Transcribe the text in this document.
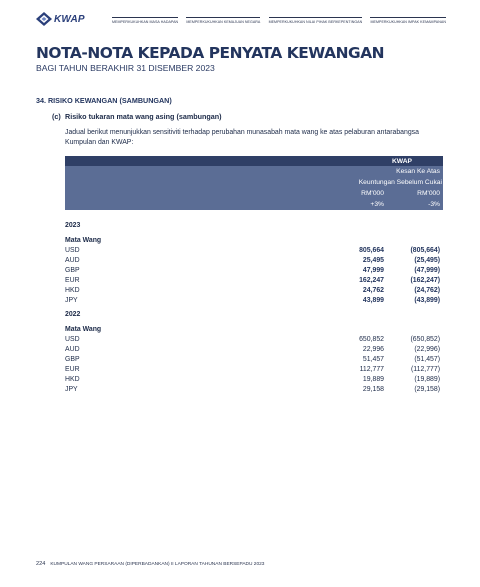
KWAP	MEMPERKUKUHKAN MASA HADAPAN MEMPERKUKUHKAN KEMAJUAN NEGARA MEMPERKUKUHKAN NILAI PIHAK BERKEPENTINGAN MEMPERKUKUHKAN IMPAK KEMAMPANAN
NOTA-NOTA KEPADA PENYATA KEWANGAN
BAGI TAHUN BERAKHIR 31 DISEMBER 2023
34. RISIKO KEWANGAN (SAMBUNGAN)
(c) Risiko tukaran mata wang asing (sambungan)

Jadual berikut menunjukkan sensitiviti terhadap perubahan munasabah mata wang ke atas pelaburan antarabangsa Kumpulan dan KWAP:

KWAP
Kesan Ke Atas
Keuntungan Sebelum Cukai
RM'000	RM'000
+3%	-3%
2023
Mata Wang
USD	805,664	(805,664)
AUD	25,495	(25,495)
GBP	47,999	(47,999)
EUR	162,247	(162,247)
HKD	24,762	(24,762)
JPY	43,899	(43,899)
2022
Mata Wang
USD	650,852	(650,852)
AUD	22,996	(22,996)
GBP	51,457	(51,457)
EUR	112,777	(112,777)
HKD	19,889	(19,889)
JPY	29,158	(29,158)
224 KUMPULAN WANG PERSARAAN (DIPERBADANKAN) II LAPORAN TAHUNAN BERSEPADU 2023
